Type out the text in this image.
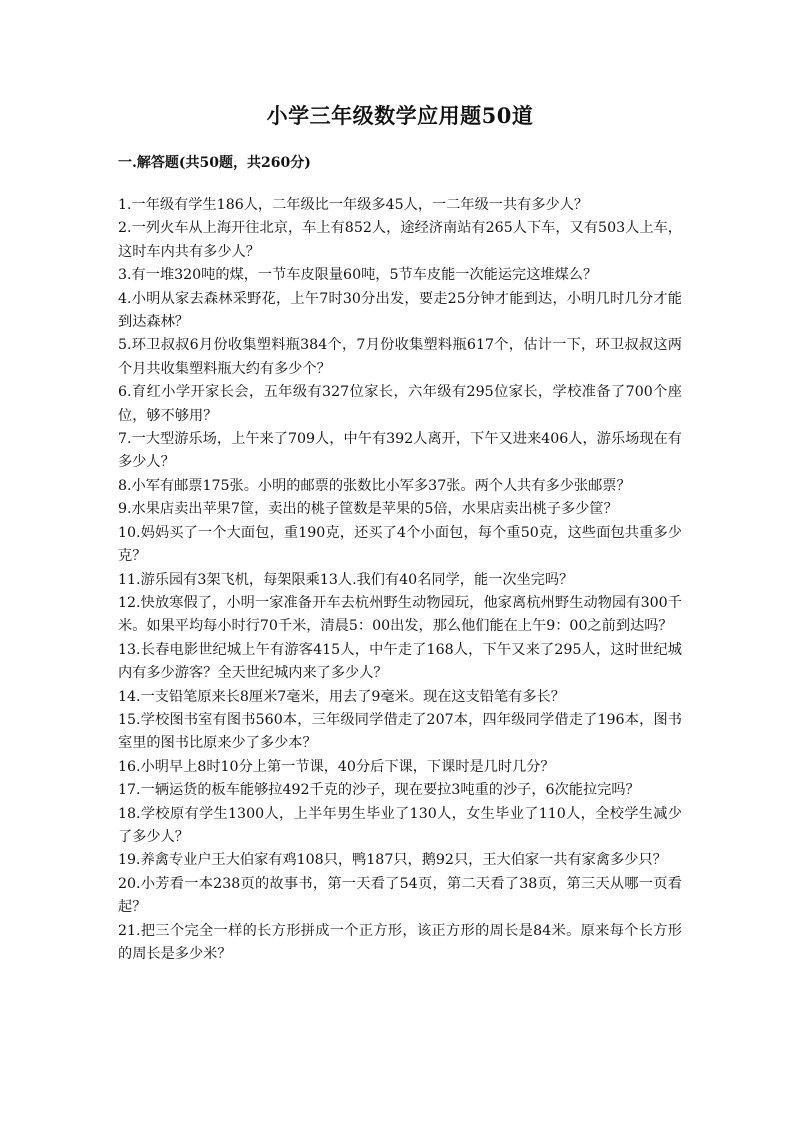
小学三年级数学应用题50道
一.解答题(共50题，共260分)
1.一年级有学生186人，二年级比一年级多45人，一二年级一共有多少人？
2.一列火车从上海开往北京，车上有852人，途经济南站有265人下车，又有503人上车，这时车内共有多少人？
3.有一堆320吨的煤，一节车皮限量60吨，5节车皮能一次能运完这堆煤么？
4.小明从家去森林采野花，上午7时30分出发，要走25分钟才能到达，小明几时几分才能到达森林？
5.环卫叔叔6月份收集塑料瓶384个，7月份收集塑料瓶617个，估计一下，环卫叔叔这两个月共收集塑料瓶大约有多少个？
6.育红小学开家长会，五年级有327位家长，六年级有295位家长，学校准备了700个座位，够不够用？
7.一大型游乐场，上午来了709人，中午有392人离开，下午又进来406人，游乐场现在有多少人？
8.小军有邮票175张。小明的邮票的张数比小军多37张。两个人共有多少张邮票？
9.水果店卖出苹果7筐，卖出的桃子筐数是苹果的5倍，水果店卖出桃子多少筐？
10.妈妈买了一个大面包，重190克，还买了4个小面包，每个重50克，这些面包共重多少克？
11.游乐园有3架飞机，每架限乘13人.我们有40名同学，能一次坐完吗？
12.快放寒假了，小明一家准备开车去杭州野生动物园玩，他家离杭州野生动物园有300千米。如果平均每小时行70千米，清晨5：00出发，那么他们能在上午9：00之前到达吗？
13.长春电影世纪城上午有游客415人，中午走了168人，下午又来了295人，这时世纪城内有多少游客？全天世纪城内来了多少人？
14.一支铅笔原来长8厘米7毫米，用去了9毫米。现在这支铅笔有多长？
15.学校图书室有图书560本，三年级同学借走了207本，四年级同学借走了196本，图书室里的图书比原来少了多少本？
16.小明早上8时10分上第一节课，40分后下课，下课时是几时几分？
17.一辆运货的板车能够拉492千克的沙子，现在要拉3吨重的沙子，6次能拉完吗？
18.学校原有学生1300人，上半年男生毕业了130人，女生毕业了110人，全校学生减少了多少人？
19.养禽专业户王大伯家有鸡108只，鸭187只，鹅92只，王大伯家一共有家禽多少只？
20.小芳看一本238页的故事书，第一天看了54页，第二天看了38页，第三天从哪一页看起？
21.把三个完全一样的长方形拼成一个正方形，该正方形的周长是84米。原来每个长方形的周长是多少米？
